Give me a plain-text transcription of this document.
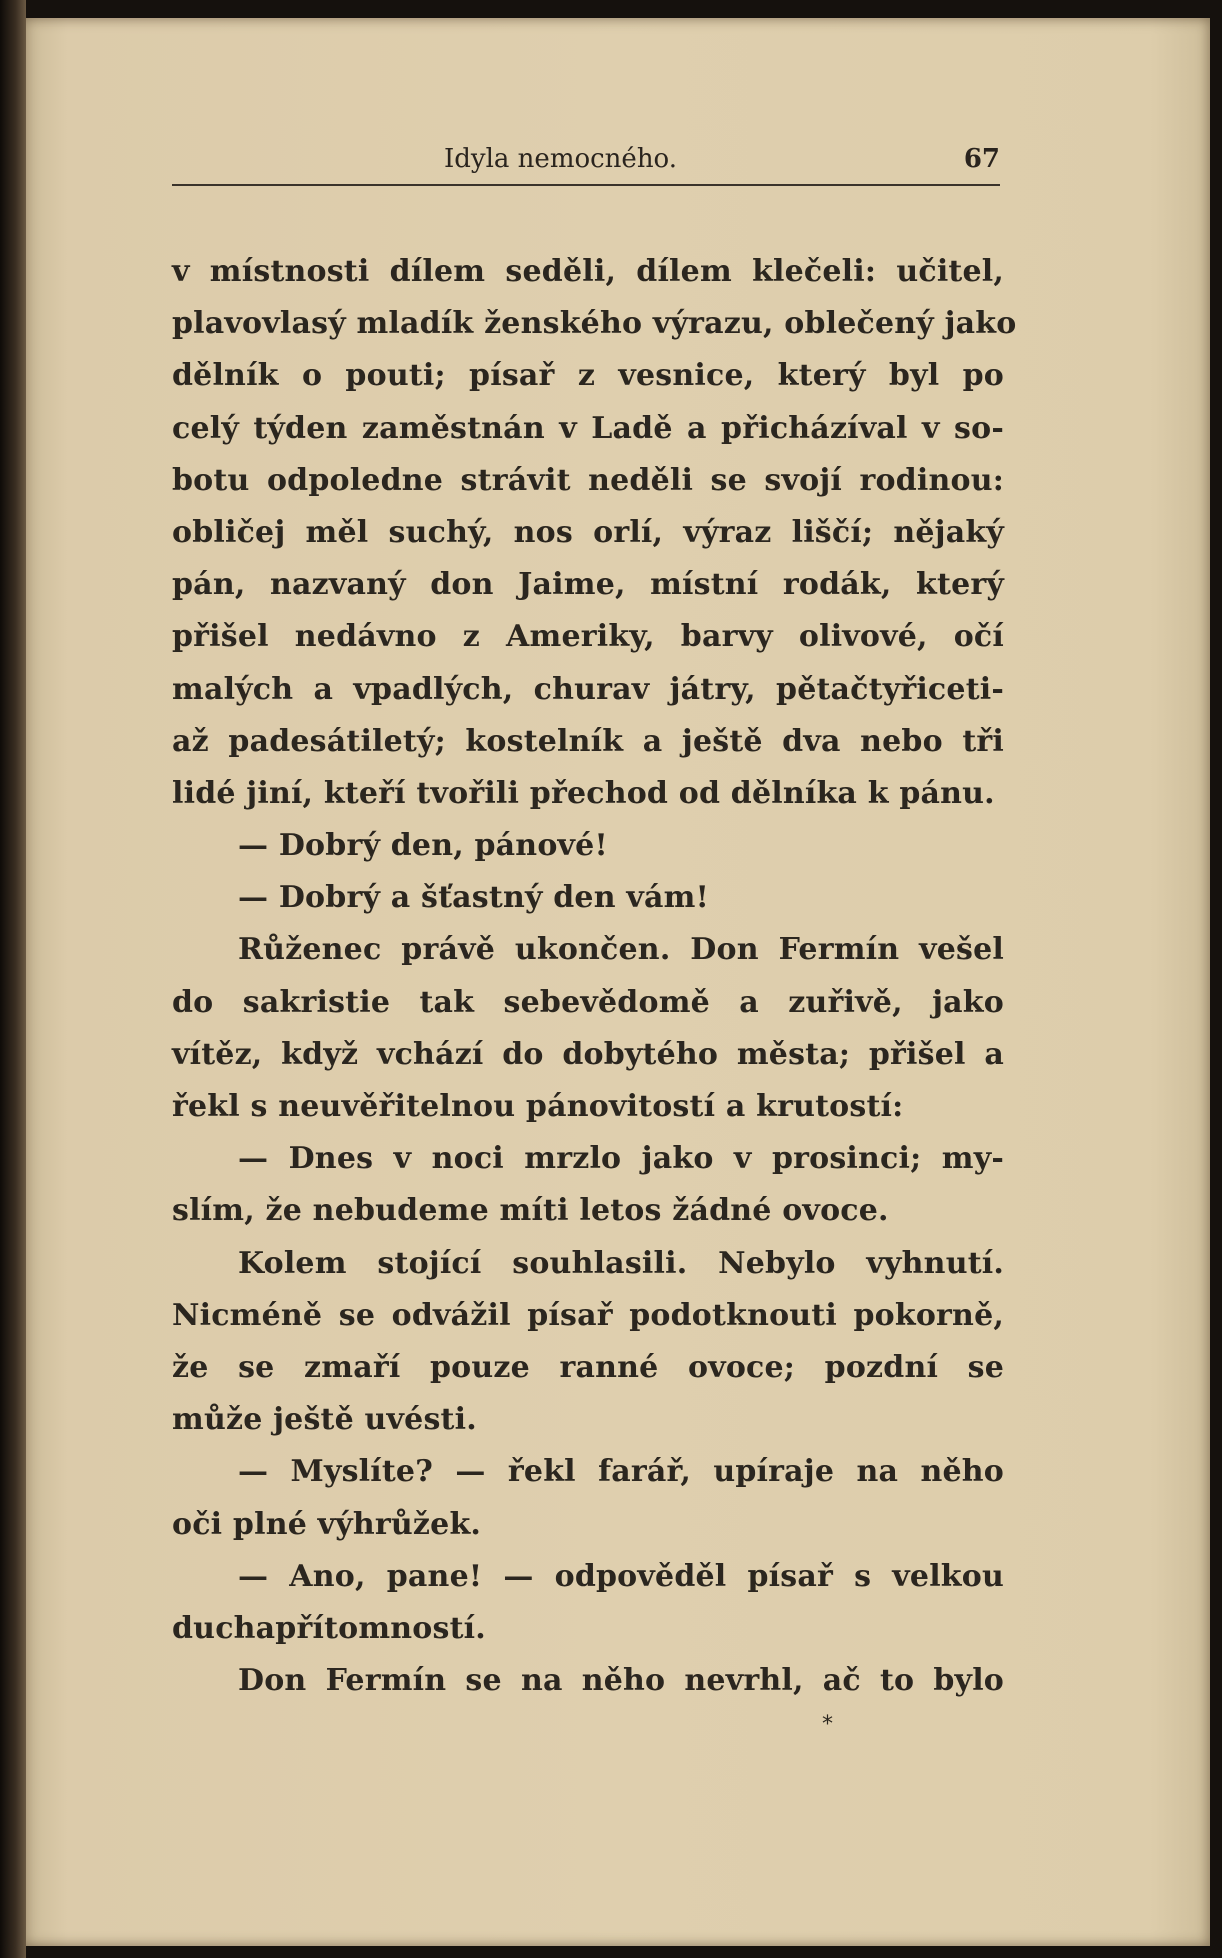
Idyla nemocného.	67
v místnosti dílem seděli, dílem klečeli: učitel,
plavovlasý mladík ženského výrazu, oblečený jako
dělník o pouti; písař z vesnice, který byl po
celý týden zaměstnán v Ladě a přicházíval v so-
botu odpoledne strávit neděli se svojí rodinou:
obličej měl suchý, nos orlí, výraz liščí; nějaký
pán, nazvaný don Jaime, místní rodák, který
přišel nedávno z Ameriky, barvy olivové, očí
malých a vpadlých, churav játry, pětačtyřiceti-
až padesátiletý; kostelník a ještě dva nebo tři
lidé jiní, kteří tvořili přechod od dělníka k pánu.
— Dobrý den, pánové!
— Dobrý a šťastný den vám!
Růženec právě ukončen. Don Fermín vešel
do sakristie tak sebevědomě a zuřivě, jako
vítěz, když vchází do dobytého města; přišel a
řekl s neuvěřitelnou pánovitostí a krutostí:
— Dnes v noci mrzlo jako v prosinci; my-
slím, že nebudeme míti letos žádné ovoce.
Kolem stojící souhlasili. Nebylo vyhnutí.
Nicméně se odvážil písař podotknouti pokorně,
že se zmaří pouze ranné ovoce; pozdní se
může ještě uvésti.
— Myslíte? — řekl farář, upíraje na něho
oči plné výhrůžek.
— Ano, pane! — odpověděl písař s velkou
duchapřítomností.
Don Fermín se na něho nevrhl, ač to bylo
*
